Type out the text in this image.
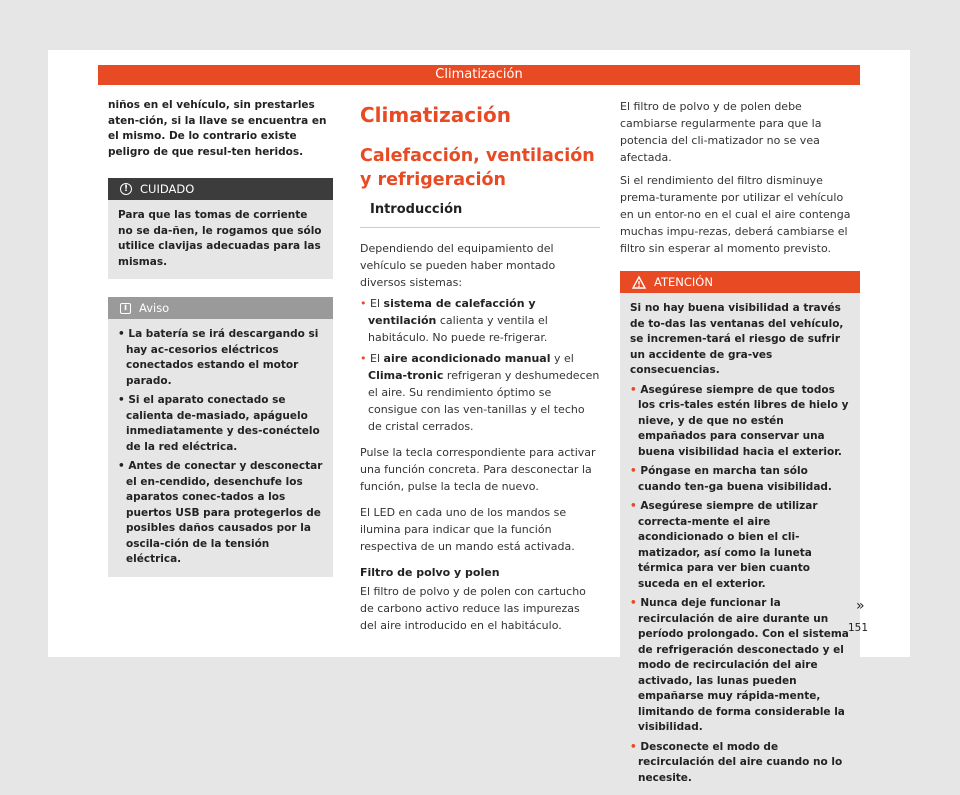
Climatización

niños en el vehículo, sin prestarles aten-ción, si la llave se encuentra en el mismo. De lo contrario existe peligro de que resul-ten heridos.

!	CUIDADO

Para que las tomas de corriente no se da-ñen, le rogamos que sólo utilice clavijas adecuadas para las mismas.

i	Aviso

• La batería se irá descargando si hay ac-cesorios eléctricos conectados estando el motor parado.

• Si el aparato conectado se calienta de-masiado, apáguelo inmediatamente y des-conéctelo de la red eléctrica.

• Antes de conectar y desconectar el en-cendido, desenchufe los aparatos conec-tados a los puertos USB para protegerlos de posibles daños causados por la oscila-ción de la tensión eléctrica.

Climatización
Calefacción, ventilación y refrigeración
Introducción

Dependiendo del equipamiento del vehículo se pueden haber montado diversos sistemas:

• El sistema de calefacción y ventilación calienta y ventila el habitáculo. No puede re-frigerar.

• El aire acondicionado manual y el Clima-tronic refrigeran y deshumedecen el aire. Su rendimiento óptimo se consigue con las ven-tanillas y el techo de cristal cerrados.

Pulse la tecla correspondiente para activar una función concreta. Para desconectar la función, pulse la tecla de nuevo.

El LED en cada uno de los mandos se ilumina para indicar que la función respectiva de un mando está activada.

Filtro de polvo y polen

El filtro de polvo y de polen con cartucho de carbono activo reduce las impurezas del aire introducido en el habitáculo.

El filtro de polvo y de polen debe cambiarse regularmente para que la potencia del cli-matizador no se vea afectada.

Si el rendimiento del filtro disminuye prema-turamente por utilizar el vehículo en un entor-no en el cual el aire contenga muchas impu-rezas, deberá cambiarse el filtro sin esperar al momento previsto.

ATENCIÓN

Si no hay buena visibilidad a través de to-das las ventanas del vehículo, se incremen-tará el riesgo de sufrir un accidente de gra-ves consecuencias.

• Asegúrese siempre de que todos los cris-tales estén libres de hielo y nieve, y de que no estén empañados para conservar una buena visibilidad hacia el exterior.

• Póngase en marcha tan sólo cuando ten-ga buena visibilidad.

• Asegúrese siempre de utilizar correcta-mente el aire acondicionado o bien el cli-matizador, así como la luneta térmica para ver bien cuanto suceda en el exterior.

• Nunca deje funcionar la recirculación de aire durante un período prolongado. Con el sistema de refrigeración desconectado y el modo de recirculación del aire activado, las lunas pueden empañarse muy rápida-mente, limitando de forma considerable la visibilidad.

• Desconecte el modo de recirculación del aire cuando no lo necesite.

»
151
